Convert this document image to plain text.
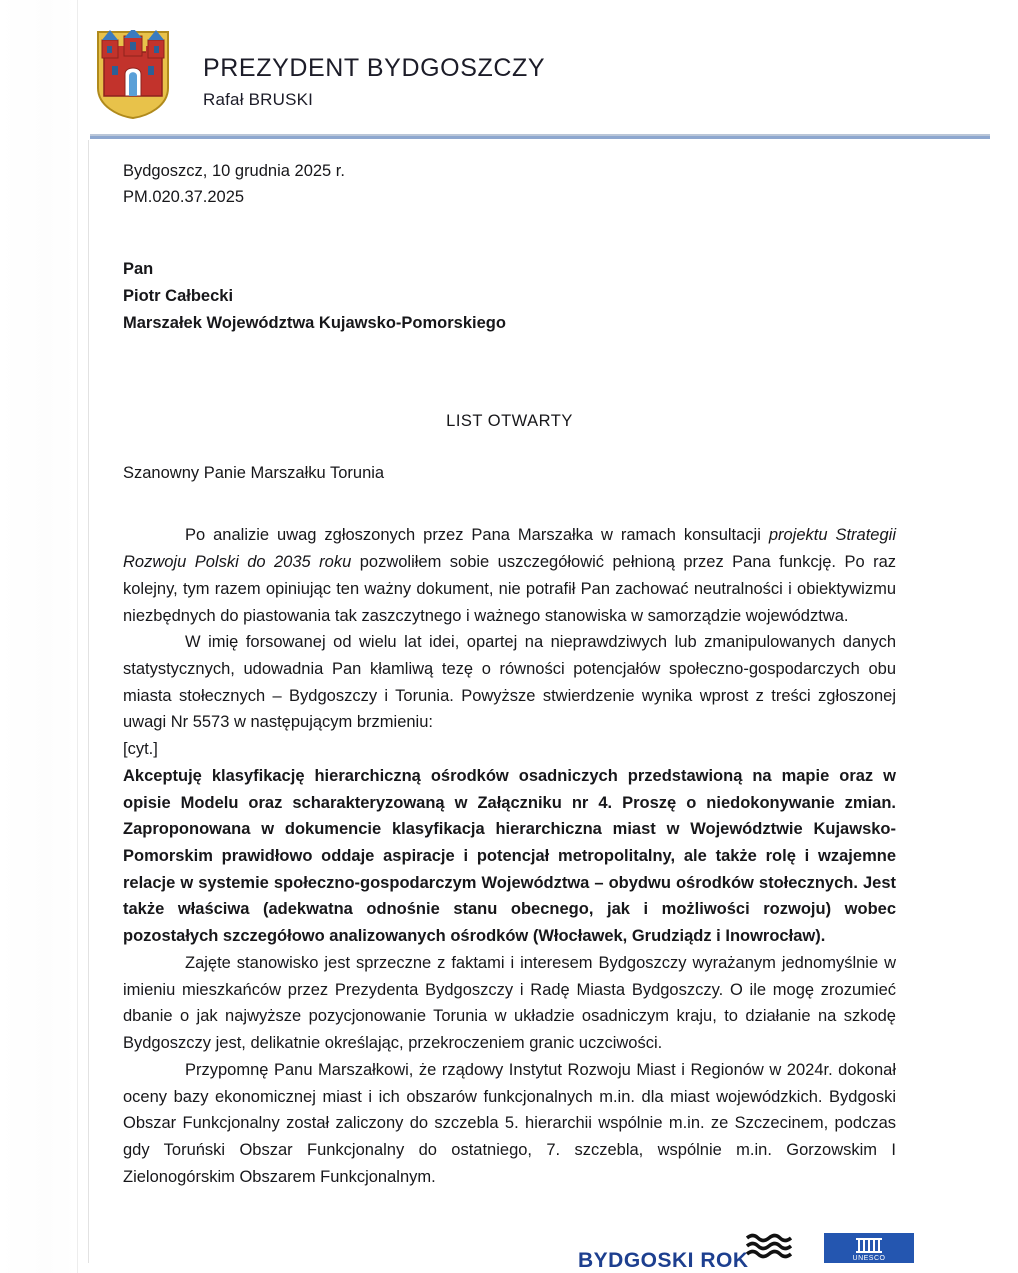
PREZYDENT BYDGOSZCZY
Rafał BRUSKI
Bydgoszcz, 10 grudnia 2025 r.
PM.020.37.2025
Pan
Piotr Całbecki
Marszałek Województwa Kujawsko-Pomorskiego
LIST OTWARTY
Szanowny Panie Marszałku Torunia

Po analizie uwag zgłoszonych przez Pana Marszałka w ramach konsultacji projektu Strategii Rozwoju Polski do 2035 roku pozwoliłem sobie uszczegółowić pełnioną przez Pana funkcję. Po raz kolejny, tym razem opiniując ten ważny dokument, nie potrafił Pan zachować neutralności i obiektywizmu niezbędnych do piastowania tak zaszczytnego i ważnego stanowiska w samorządzie województwa.

W imię forsowanej od wielu lat idei, opartej na nieprawdziwych lub zmanipulowanych danych statystycznych, udowadnia Pan kłamliwą tezę o równości potencjałów społeczno-gospodarczych obu miasta stołecznych – Bydgoszczy i Torunia. Powyższe stwierdzenie wynika wprost z treści zgłoszonej uwagi Nr 5573 w następującym brzmieniu:

[cyt.]

Akceptuję klasyfikację hierarchiczną ośrodków osadniczych przedstawioną na mapie oraz w opisie Modelu oraz scharakteryzowaną w Załączniku nr 4. Proszę o niedokonywanie zmian. Zaproponowana w dokumencie klasyfikacja hierarchiczna miast w Województwie Kujawsko-Pomorskim prawidłowo oddaje aspiracje i potencjał metropolitalny, ale także rolę i wzajemne relacje w systemie społeczno-gospodarczym Województwa – obydwu ośrodków stołecznych. Jest także właściwa (adekwatna odnośnie stanu obecnego, jak i możliwości rozwoju) wobec pozostałych szczegółowo analizowanych ośrodków (Włocławek, Grudziądz i Inowrocław).

Zajęte stanowisko jest sprzeczne z faktami i interesem Bydgoszczy wyrażanym jednomyślnie w imieniu mieszkańców przez Prezydenta Bydgoszczy i Radę Miasta Bydgoszczy. O ile mogę zrozumieć dbanie o jak najwyższe pozycjonowanie Torunia w układzie osadniczym kraju, to działanie na szkodę Bydgoszczy jest, delikatnie określając, przekroczeniem granic uczciwości.

Przypomnę Panu Marszałkowi, że rządowy Instytut Rozwoju Miast i Regionów w 2024r. dokonał oceny bazy ekonomicznej miast i ich obszarów funkcjonalnych m.in. dla miast wojewódzkich. Bydgoski Obszar Funkcjonalny został zaliczony do szczebla 5. hierarchii wspólnie m.in. ze Szczecinem, podczas gdy Toruński Obszar Funkcjonalny do ostatniego, 7. szczebla, wspólnie m.in. Gorzowskim I Zielonogórskim Obszarem Funkcjonalnym.

BYDGOSKI ROK	UNESCO
